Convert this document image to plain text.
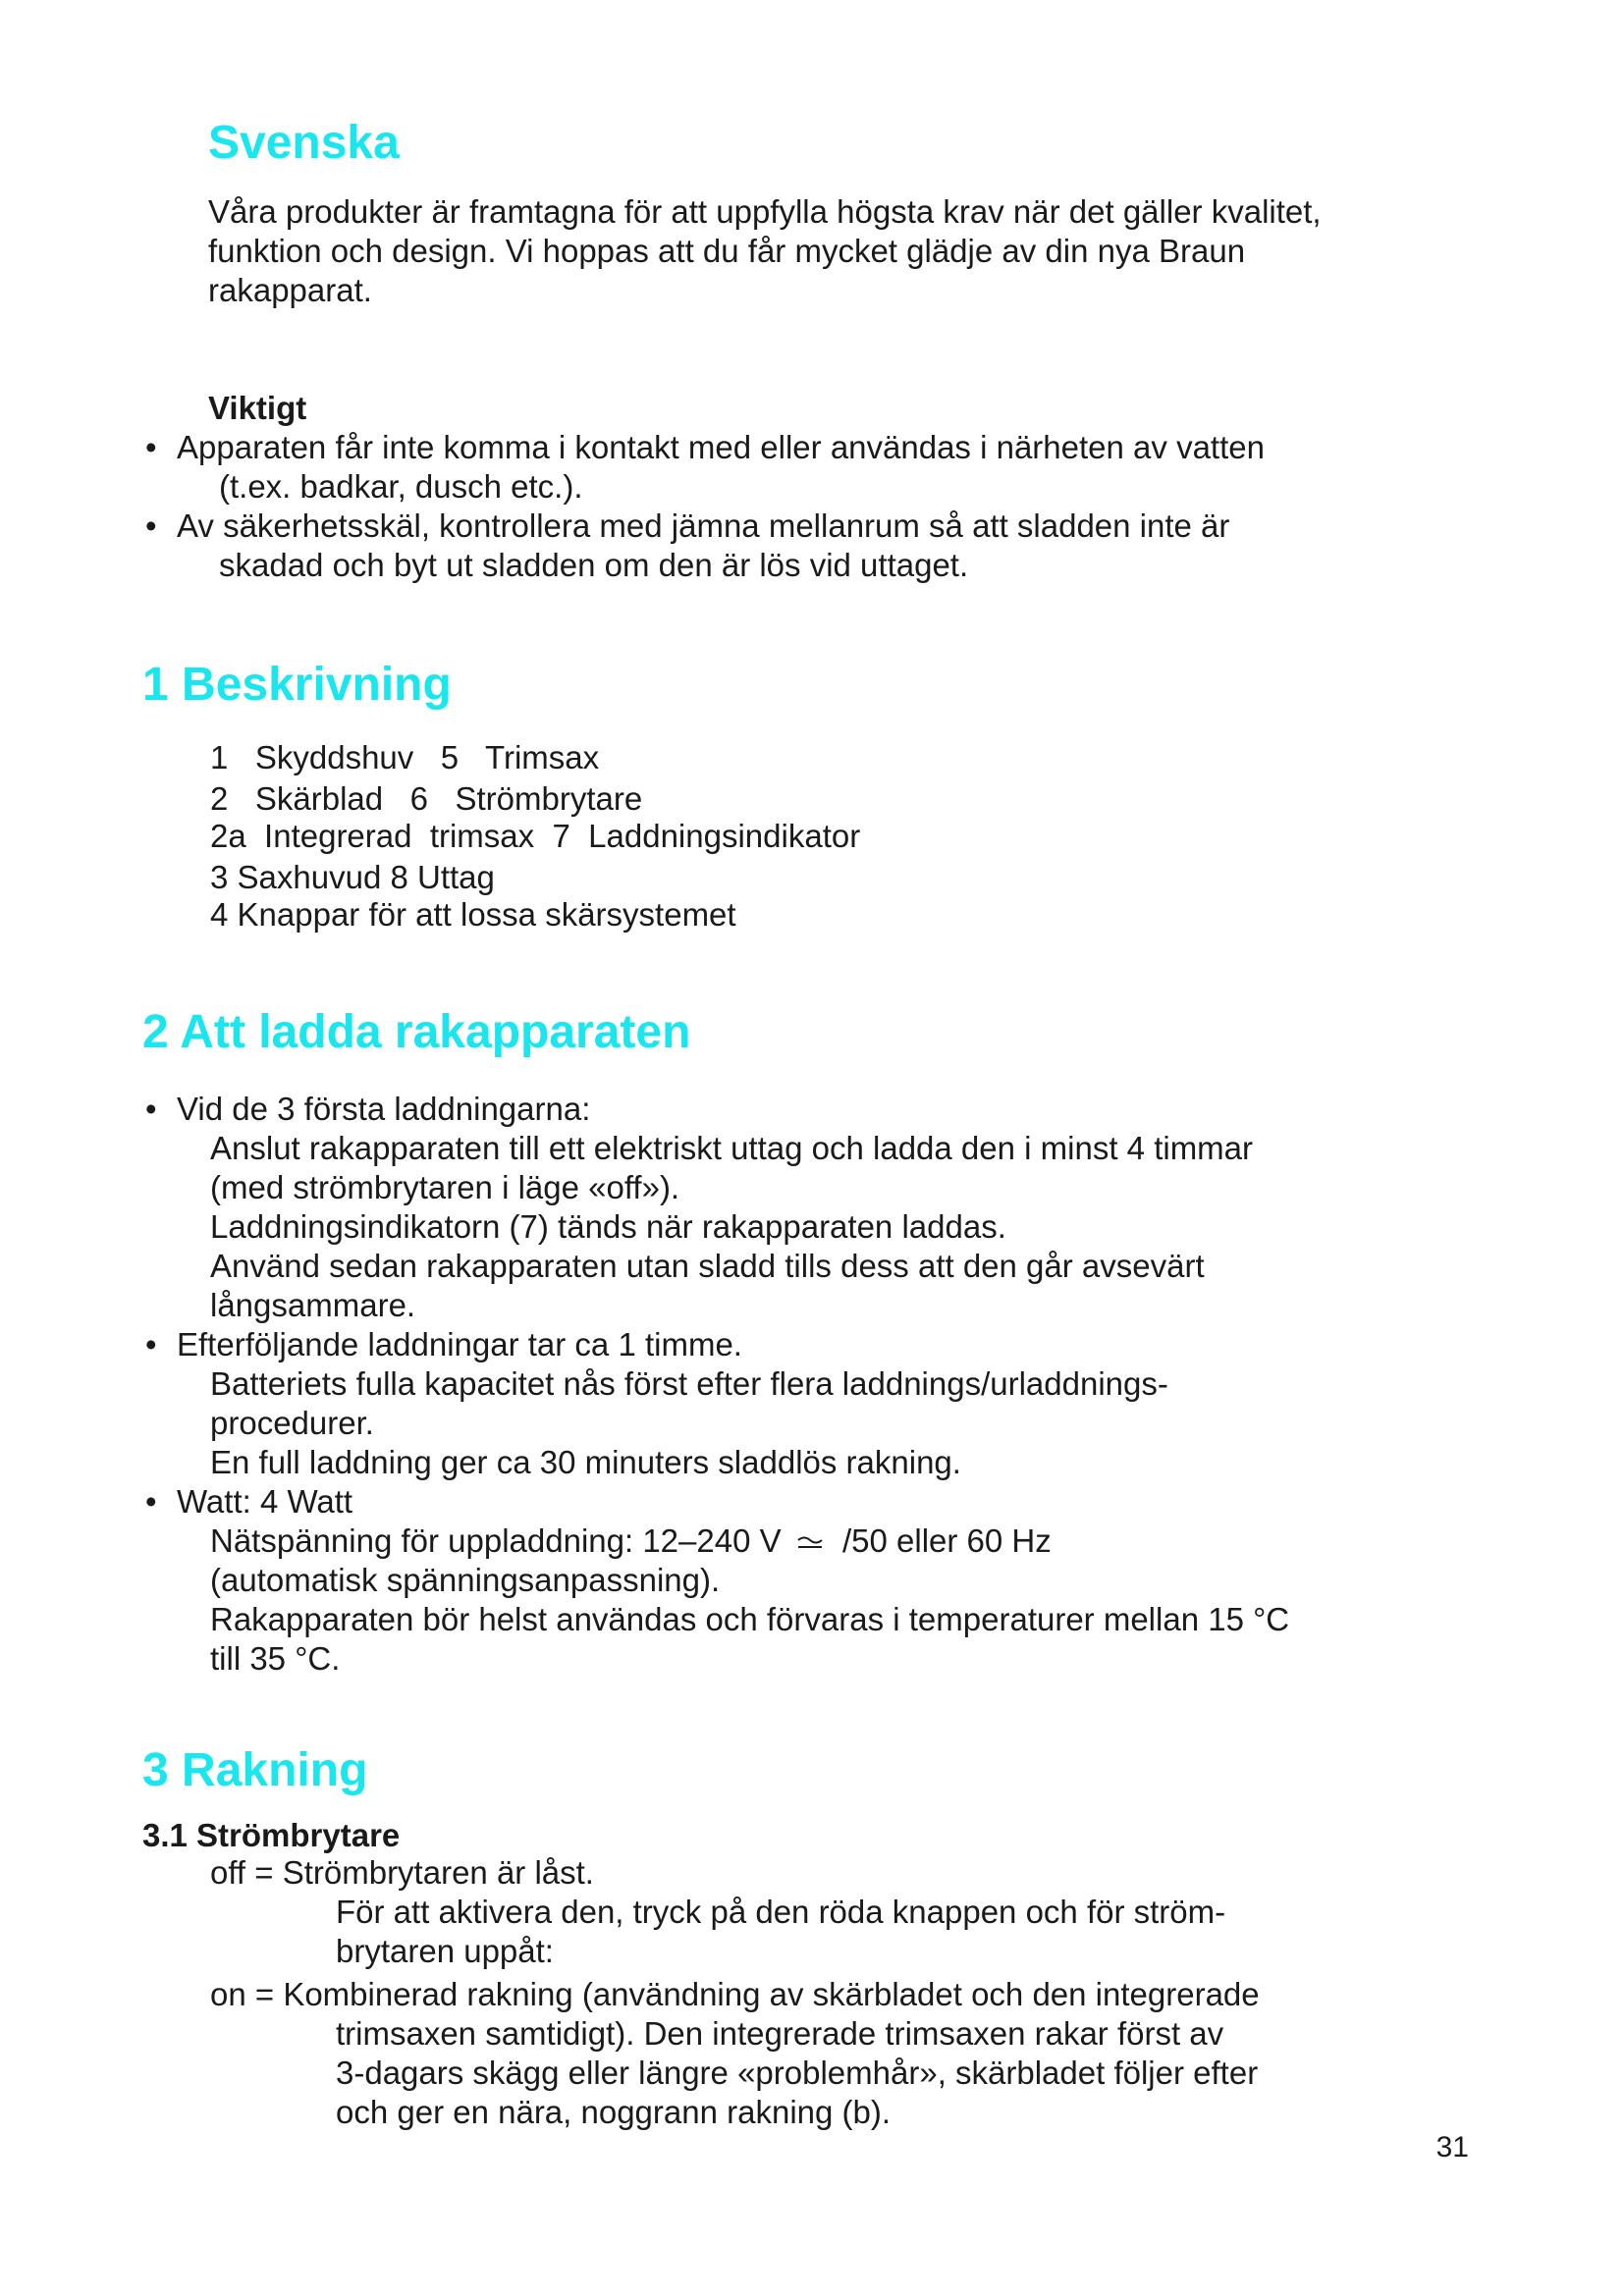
Svenska
Våra produkter är framtagna för att uppfylla högsta krav när det gäller kvalitet,
funktion och design. Vi hoppas att du får mycket glädje av din nya Braun
rakapparat.
Viktigt
• Apparaten får inte komma i kontakt med eller användas i närheten av vatten
(t.ex. badkar, dusch etc.).
• Av säkerhetsskäl, kontrollera med jämna mellanrum så att sladden inte är
skadad och byt ut sladden om den är lös vid uttaget.
1 Beskrivning
1   Skyddshuv   5   Trimsax
2   Skärblad   6   Strömbrytare
2a  Integrerad  trimsax  7  Laddningsindikator
3 Saxhuvud 8 Uttag
4 Knappar för att lossa skärsystemet
2 Att ladda rakapparaten
• Vid de 3 första laddningarna:
Anslut rakapparaten till ett elektriskt uttag och ladda den i minst 4 timmar
(med strömbrytaren i läge «off»).
Laddningsindikatorn (7) tänds när rakapparaten laddas.
Använd sedan rakapparaten utan sladd tills dess att den går avsevärt
långsammare.
• Efterföljande laddningar tar ca 1 timme.
Batteriets fulla kapacitet nås först efter flera laddnings/urladdnings-
procedurer.
En full laddning ger ca 30 minuters sladdlös rakning.
• Watt: 4 Watt
Nätspänning för uppladdning: 12–240 V /50 eller 60 Hz
(automatisk spänningsanpassning).
Rakapparaten bör helst användas och förvaras i temperaturer mellan 15 °C
till 35 °C.
3 Rakning
3.1 Strömbrytare
off = Strömbrytaren är låst.
För att aktivera den, tryck på den röda knappen och för ström-
brytaren uppåt:
on = Kombinerad rakning (användning av skärbladet och den integrerade
trimsaxen samtidigt). Den integrerade trimsaxen rakar först av
3-dagars skägg eller längre «problemhår», skärbladet följer efter
och ger en nära, noggrann rakning (b).
31
